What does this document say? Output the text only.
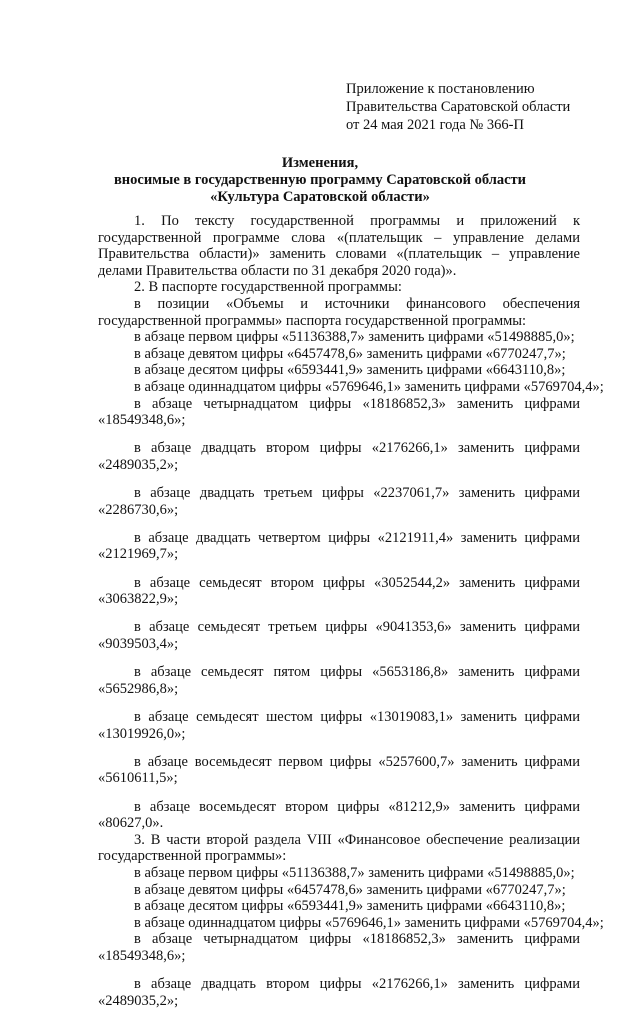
Приложение к постановлению
Правительства Саратовской области
от 24 мая 2021 года № 366-П
Изменения,
вносимые в государственную программу Саратовской области
«Культура Саратовской области»

1. По тексту государственной программы и приложений к государственной программе слова «(плательщик – управление делами Правительства области)» заменить словами «(плательщик – управление делами Правительства области по 31 декабря 2020 года)».

2. В паспорте государственной программы:

в позиции «Объемы и источники финансового обеспечения государственной программы» паспорта государственной программы:

в абзаце первом цифры «51136388,7» заменить цифрами «51498885,0»;

в абзаце девятом цифры «6457478,6» заменить цифрами «6770247,7»;

в абзаце десятом цифры «6593441,9» заменить цифрами «6643110,8»;

в абзаце одиннадцатом цифры «5769646,1» заменить цифрами «5769704,4»;

в абзаце четырнадцатом цифры «18186852,3» заменить цифрами

«18549348,6»;

в абзаце двадцать втором цифры «2176266,1» заменить цифрами

«2489035,2»;

в абзаце двадцать третьем цифры «2237061,7» заменить цифрами

«2286730,6»;

в абзаце двадцать четвертом цифры «2121911,4» заменить цифрами

«2121969,7»;

в абзаце семьдесят втором цифры «3052544,2» заменить цифрами

«3063822,9»;

в абзаце семьдесят третьем цифры «9041353,6» заменить цифрами

«9039503,4»;

в абзаце семьдесят пятом цифры «5653186,8» заменить цифрами

«5652986,8»;

в абзаце семьдесят шестом цифры «13019083,1» заменить цифрами

«13019926,0»;

в абзаце восемьдесят первом цифры «5257600,7» заменить цифрами

«5610611,5»;

в абзаце восемьдесят втором цифры «81212,9» заменить цифрами

«80627,0».

3. В части второй раздела VIII «Финансовое обеспечение реализации государственной программы»:

в абзаце первом цифры «51136388,7» заменить цифрами «51498885,0»;

в абзаце девятом цифры «6457478,6» заменить цифрами «6770247,7»;

в абзаце десятом цифры «6593441,9» заменить цифрами «6643110,8»;

в абзаце одиннадцатом цифры «5769646,1» заменить цифрами «5769704,4»;

в абзаце четырнадцатом цифры «18186852,3» заменить цифрами

«18549348,6»;

в абзаце двадцать втором цифры «2176266,1» заменить цифрами

«2489035,2»;
